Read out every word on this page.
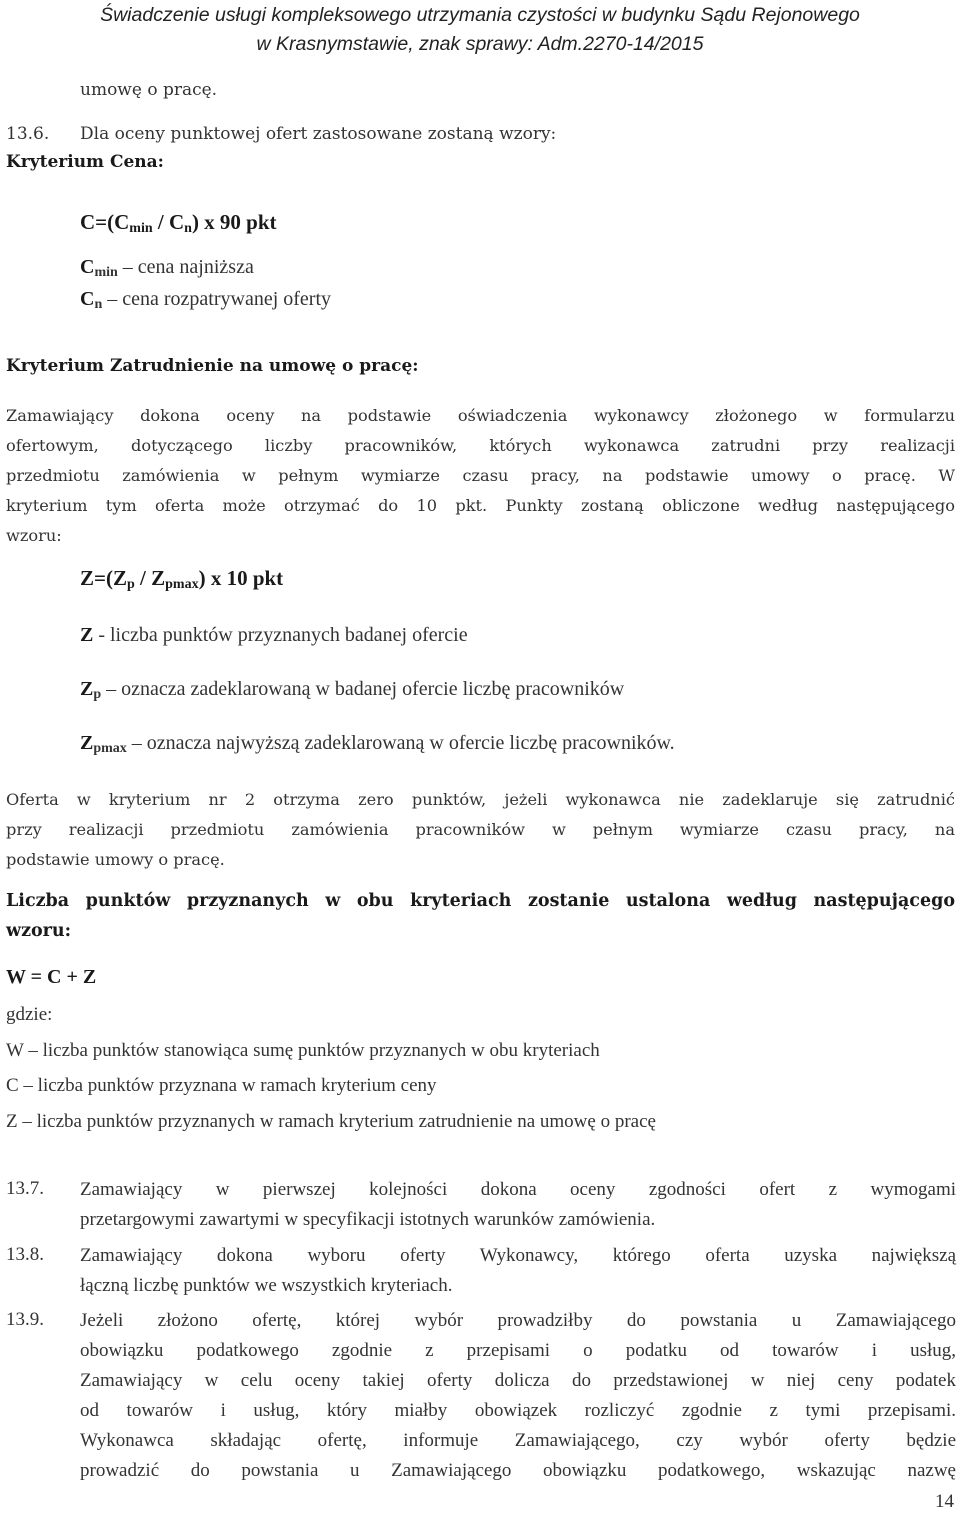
Świadczenie usługi kompleksowego utrzymania czystości w budynku Sądu Rejonowego
w Krasnymstawie, znak sprawy: Adm.2270-14/2015
umowę o pracę.
13.6. Dla oceny punktowej ofert zastosowane zostaną wzory:
Kryterium Cena:
$C=(C_{min} / C_n)$ x 90 pkt
$C_{min}$ – cena najniższa
$C_n$ – cena rozpatrywanej oferty
Kryterium Zatrudnienie na umowę o pracę:
Zamawiający dokona oceny na podstawie oświadczenia wykonawcy złożonego w formularzu
ofertowym, dotyczącego liczby pracowników, których wykonawca zatrudni przy realizacji
przedmiotu zamówienia w pełnym wymiarze czasu pracy, na podstawie umowy o pracę. W
kryterium tym oferta może otrzymać do 10 pkt. Punkty zostaną obliczone według następującego
wzoru:
$Z=(Z_p / Z_{pmax})$ x 10 pkt
Z - liczba punktów przyznanych badanej ofercie
$Z_p$ – oznacza zadeklarowaną w badanej ofercie liczbę pracowników
$Z_{pmax}$ – oznacza najwyższą zadeklarowaną w ofercie liczbę pracowników.
Oferta w kryterium nr 2 otrzyma zero punktów, jeżeli wykonawca nie zadeklaruje się zatrudnić
przy realizacji przedmiotu zamówienia pracowników w pełnym wymiarze czasu pracy, na
podstawie umowy o pracę.
Liczba punktów przyznanych w obu kryteriach zostanie ustalona według następującego
wzoru:
W = C + Z
gdzie:
W – liczba punktów stanowiąca sumę punktów przyznanych w obu kryteriach
C – liczba punktów przyznana w ramach kryterium ceny
Z – liczba punktów przyznanych w ramach kryterium zatrudnienie na umowę o pracę
13.7. Zamawiający w pierwszej kolejności dokona oceny zgodności ofert z wymogami
przetargowymi zawartymi w specyfikacji istotnych warunków zamówienia.
13.8. Zamawiający dokona wyboru oferty Wykonawcy, którego oferta uzyska największą
łączną liczbę punktów we wszystkich kryteriach.
13.9. Jeżeli złożono ofertę, której wybór prowadziłby do powstania u Zamawiającego
obowiązku podatkowego zgodnie z przepisami o podatku od towarów i usług,
Zamawiający w celu oceny takiej oferty dolicza do przedstawionej w niej ceny podatek
od towarów i usług, który miałby obowiązek rozliczyć zgodnie z tymi przepisami.
Wykonawca składając ofertę, informuje Zamawiającego, czy wybór oferty będzie
prowadzić do powstania u Zamawiającego obowiązku podatkowego, wskazując nazwę
14
